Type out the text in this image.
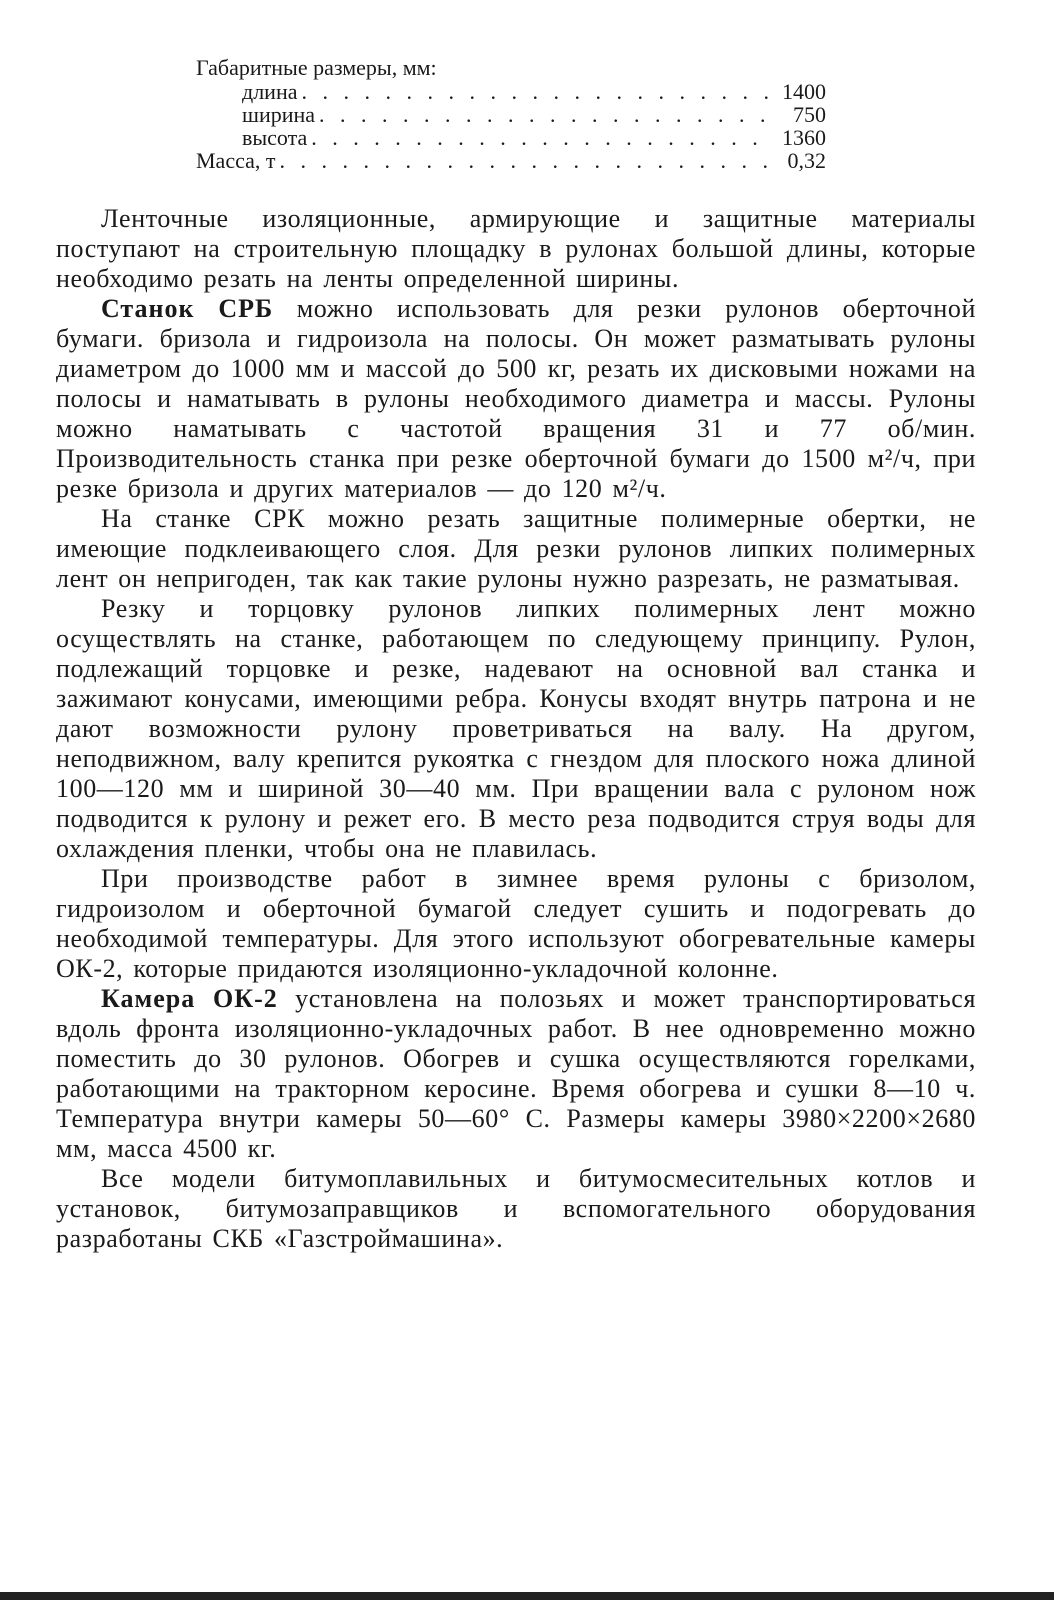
Габаритные размеры, мм:
длина . . .	1400
ширина . . .	750
высота . . .	1360
Масса, т . . .	0,32

Ленточные изоляционные, армирующие и защитные материалы поступают на строительную площадку в рулонах большой длины, которые необходимо резать на ленты определенной ширины.

Станок СРБ можно использовать для резки рулонов оберточной бумаги. бризола и гидроизола на полосы. Он может разматывать рулоны диаметром до 1000 мм и массой до 500 кг, резать их дисковыми ножами на полосы и наматывать в рулоны необходимого диаметра и массы. Рулоны можно наматывать с частотой вращения 31 и 77 об/мин. Производительность станка при резке оберточной бумаги до 1500 м²/ч, при резке бризола и других материалов — до 120 м²/ч.

На станке СРК можно резать защитные полимерные обертки, не имеющие подклеивающего слоя. Для резки рулонов липких полимерных лент он непригоден, так как такие рулоны нужно разрезать, не разматывая.

Резку и торцовку рулонов липких полимерных лент можно осуществлять на станке, работающем по следующему принципу. Рулон, подлежащий торцовке и резке, надевают на основной вал станка и зажимают конусами, имеющими ребра. Конусы входят внутрь патрона и не дают возможности рулону проветриваться на валу. На другом, неподвижном, валу крепится рукоятка с гнездом для плоского ножа длиной 100—120 мм и шириной 30—40 мм. При вращении вала с рулоном нож подводится к рулону и режет его. В место реза подводится струя воды для охлаждения пленки, чтобы она не плавилась.

При производстве работ в зимнее время рулоны с бризолом, гидроизолом и оберточной бумагой следует сушить и подогревать до необходимой температуры. Для этого используют обогревательные камеры ОК-2, которые придаются изоляционно-укладочной колонне.

Камера ОК-2 установлена на полозьях и может транспортироваться вдоль фронта изоляционно-укладочных работ. В нее одновременно можно поместить до 30 рулонов. Обогрев и сушка осуществляются горелками, работающими на тракторном керосине. Время обогрева и сушки 8—10 ч. Температура внутри камеры 50—60° С. Размеры камеры 3980×2200×2680 мм, масса 4500 кг.

Все модели битумоплавильных и битумосмесительных котлов и установок, битумозаправщиков и вспомогательного оборудования разработаны СКБ «Газстроймашина».
